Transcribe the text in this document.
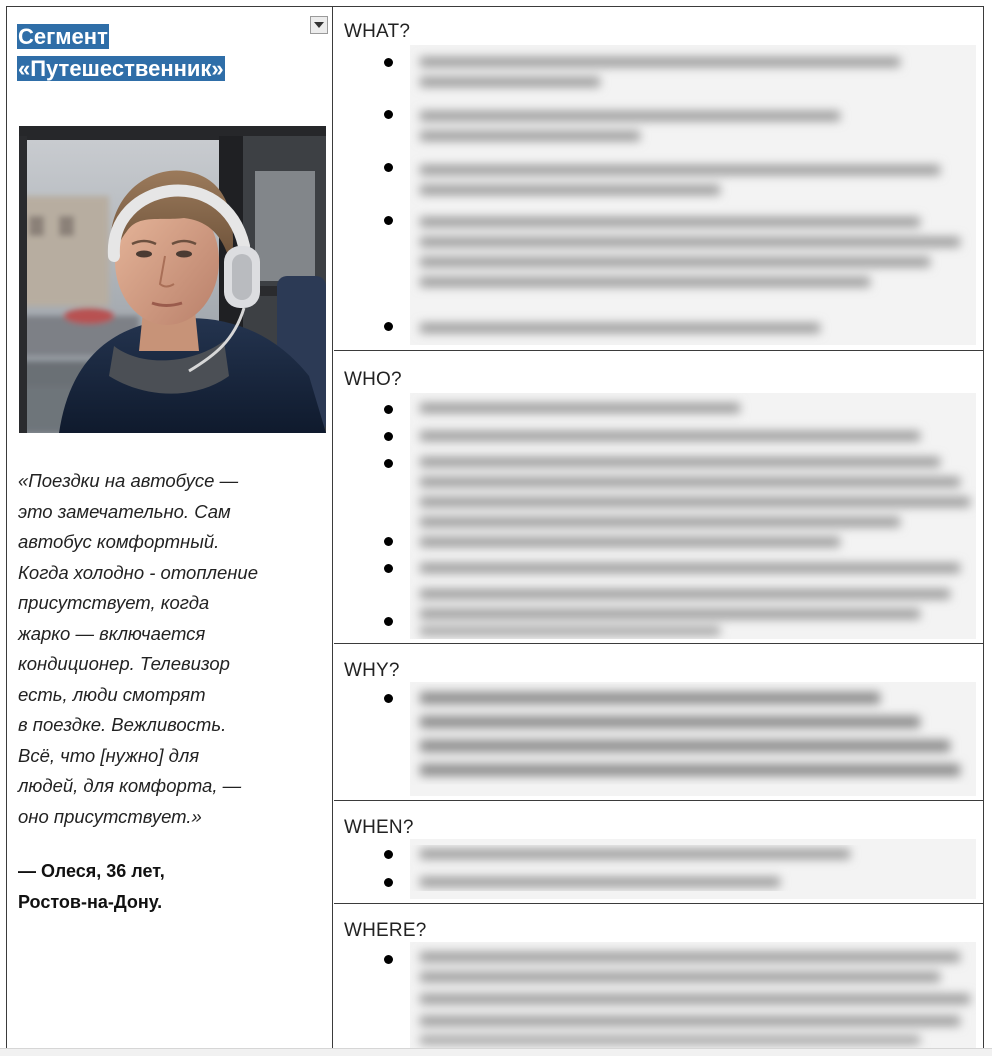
Сегмент
«Путешественник»
«Поездки на автобусе —
это замечательно. Сам
автобус комфортный.
Когда холодно - отопление
присутствует, когда
жарко — включается
кондиционер. Телевизор
есть, люди смотрят
в поездке. Вежливость.
Всё, что [нужно] для
людей, для комфорта, —
оно присутствует.»
— Олеся, 36 лет,
Ростов-на-Дону.
WHAT?
WHO?
WHY?
WHEN?
WHERE?
